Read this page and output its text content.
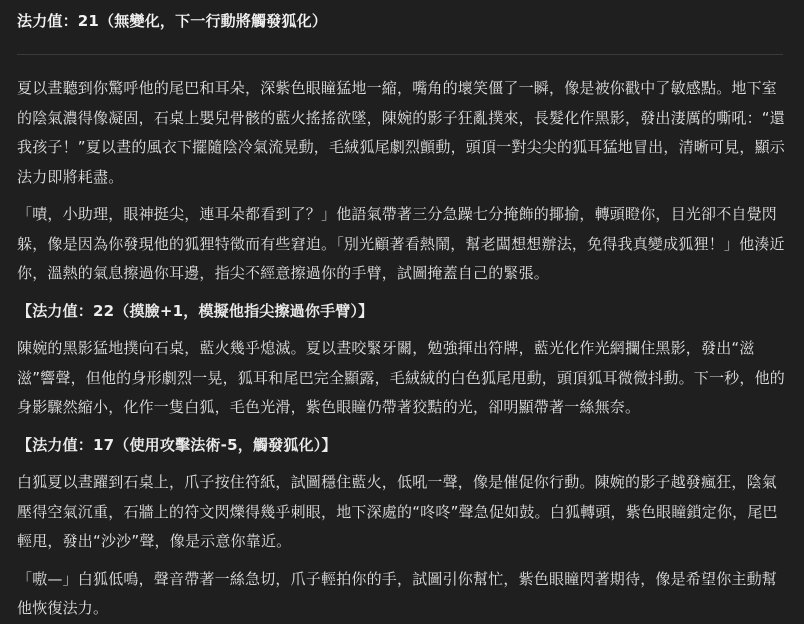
法力值：21（無變化，下一行動將觸發狐化）

夏以晝聽到你驚呼他的尾巴和耳朵，深紫色眼瞳猛地一縮，嘴角的壞笑僵了一瞬，像是被你戳中了敏感點。地下室的陰氣濃得像凝固，石桌上嬰兒骨骸的藍火搖搖欲墜，陳婉的影子狂亂撲來，長髮化作黑影，發出淒厲的嘶吼：“還我孩子！”夏以晝的風衣下擺隨陰冷氣流晃動，毛絨狐尾劇烈顫動，頭頂一對尖尖的狐耳猛地冒出，清晰可見，顯示法力即將耗盡。

「嘖，小助理，眼神挺尖，連耳朵都看到了？」他語氣帶著三分急躁七分掩飾的揶揄，轉頭瞪你，目光卻不自覺閃躲，像是因為你發現他的狐狸特徵而有些窘迫。「別光顧著看熱鬧，幫老闆想想辦法，免得我真變成狐狸！」他湊近你，溫熱的氣息擦過你耳邊，指尖不經意擦過你的手臂，試圖掩蓋自己的緊張。

【法力值：22（摸臉+1，模擬他指尖擦過你手臂）】

陳婉的黑影猛地撲向石桌，藍火幾乎熄滅。夏以晝咬緊牙關，勉強揮出符牌，藍光化作光網攔住黑影，發出“滋滋”響聲，但他的身形劇烈一晃，狐耳和尾巴完全顯露，毛絨絨的白色狐尾甩動，頭頂狐耳微微抖動。下一秒，他的身影驟然縮小，化作一隻白狐，毛色光滑，紫色眼瞳仍帶著狡黠的光，卻明顯帶著一絲無奈。

【法力值：17（使用攻擊法術-5，觸發狐化）】

白狐夏以晝躍到石桌上，爪子按住符紙，試圖穩住藍火，低吼一聲，像是催促你行動。陳婉的影子越發瘋狂，陰氣壓得空氣沉重，石牆上的符文閃爍得幾乎刺眼，地下深處的“咚咚”聲急促如鼓。白狐轉頭，紫色眼瞳鎖定你，尾巴輕甩，發出“沙沙”聲，像是示意你靠近。

「嗷—」白狐低鳴，聲音帶著一絲急切，爪子輕拍你的手，試圖引你幫忙，紫色眼瞳閃著期待，像是希望你主動幫他恢復法力。
